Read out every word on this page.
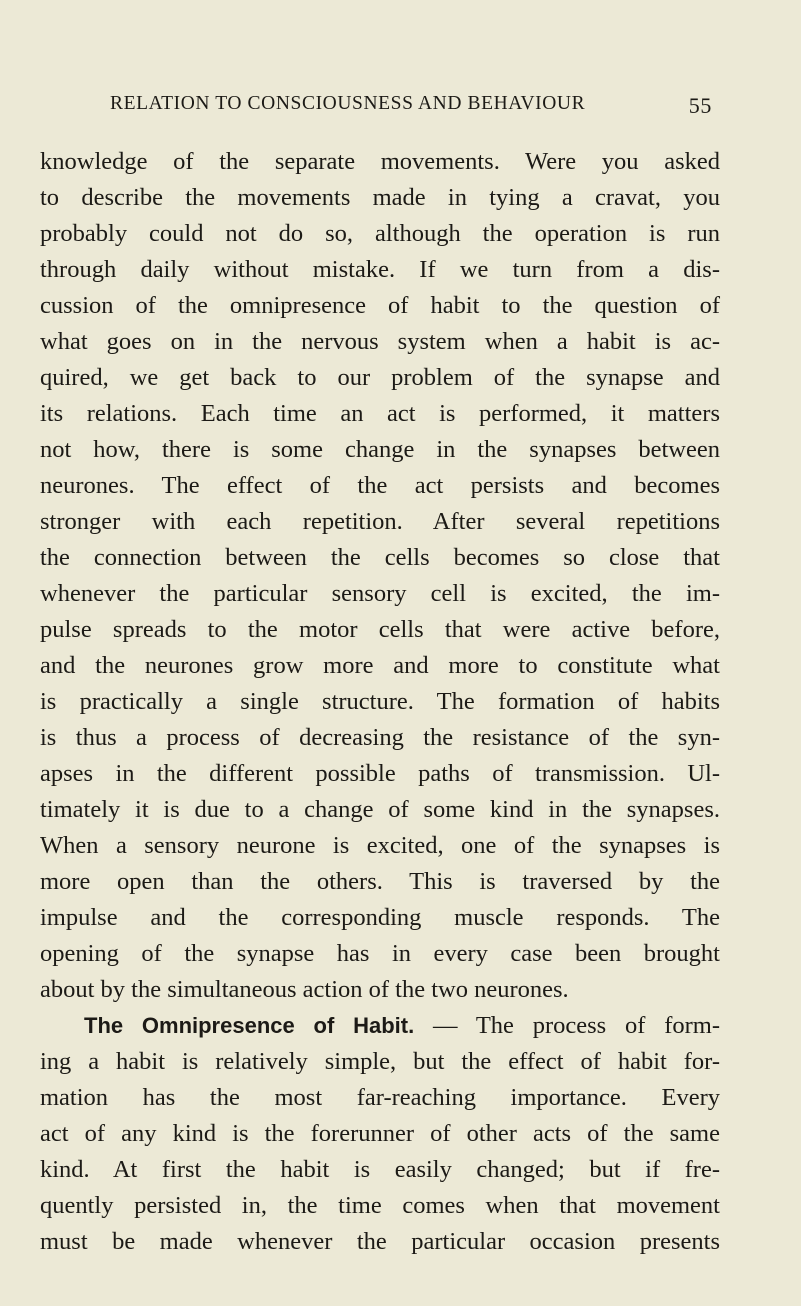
RELATION TO CONSCIOUSNESS AND BEHAVIOUR	55
knowledge of the separate movements. Were you asked
to describe the movements made in tying a cravat, you
probably could not do so, although the operation is run
through daily without mistake. If we turn from a dis-
cussion of the omnipresence of habit to the question of
what goes on in the nervous system when a habit is ac-
quired, we get back to our problem of the synapse and
its relations. Each time an act is performed, it matters
not how, there is some change in the synapses between
neurones. The effect of the act persists and becomes
stronger with each repetition. After several repetitions
the connection between the cells becomes so close that
whenever the particular sensory cell is excited, the im-
pulse spreads to the motor cells that were active before,
and the neurones grow more and more to constitute what
is practically a single structure. The formation of habits
is thus a process of decreasing the resistance of the syn-
apses in the different possible paths of transmission. Ul-
timately it is due to a change of some kind in the synapses.
When a sensory neurone is excited, one of the synapses is
more open than the others. This is traversed by the
impulse and the corresponding muscle responds. The
opening of the synapse has in every case been brought
about by the simultaneous action of the two neurones.
The Omnipresence of Habit. — The process of form-
ing a habit is relatively simple, but the effect of habit for-
mation has the most far-reaching importance. Every
act of any kind is the forerunner of other acts of the same
kind. At first the habit is easily changed; but if fre-
quently persisted in, the time comes when that movement
must be made whenever the particular occasion presents
